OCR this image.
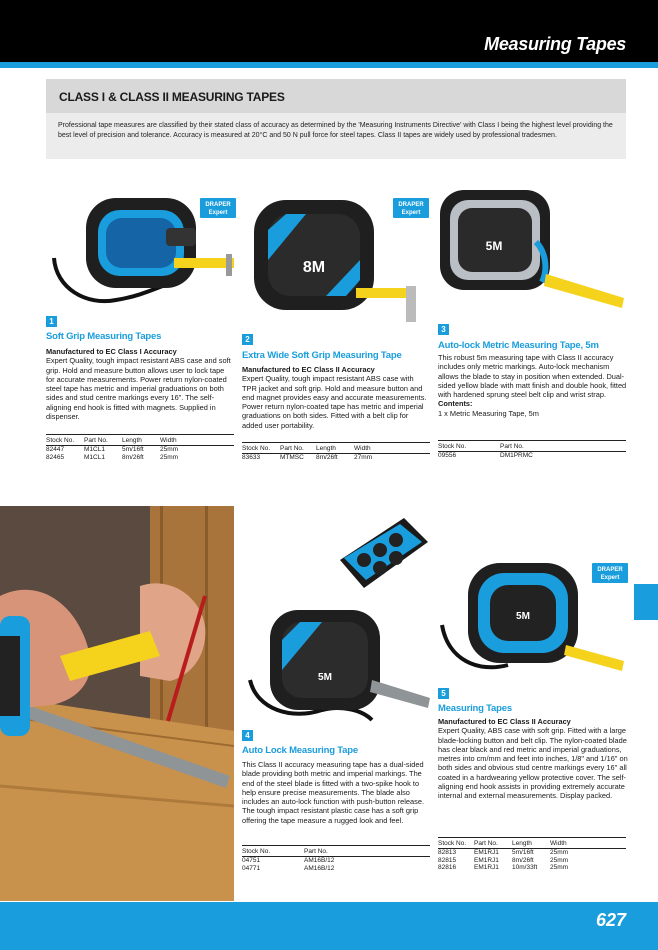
Measuring Tapes
CLASS I & CLASS II MEASURING TAPES
Professional tape measures are classified by their stated class of accuracy as determined by the 'Measuring Instruments Directive' with Class I being the highest level providing the best level of precision and tolerance. Accuracy is measured at 20°C and 50 N pull force for steel tapes. Class II tapes are widely used by professional tradesmen.
DRAPER
Expert
8M
DRAPER
Expert
5M
1
Soft Grip Measuring Tapes
Manufactured to EC Class I Accuracy
Expert Quality, tough impact resistant ABS case and soft grip. Hold and measure button allows user to lock tape for accurate measurements. Power return nylon-coated steel tape has metric and imperial graduations on both sides and stud centre markings every 16". The self-aligning end hook is fitted with magnets. Supplied in dispenser.
Stock No.	Part No.	Length	Width
82447	M1CL1	5m/16ft	25mm
82465	M1CL1	8m/26ft	25mm
2
Extra Wide Soft Grip Measuring Tape
Manufactured to EC Class II Accuracy
Expert Quality, tough impact resistant ABS case with TPR jacket and soft grip. Hold and measure button and end magnet provides easy and accurate measurements. Power return nylon-coated tape has metric and imperial graduations on both sides. Fitted with a belt clip for added user portability.
Stock No.	Part No.	Length	Width
83633	MTMSC	8m/26ft	27mm
3
Auto-lock Metric Measuring Tape, 5m
This robust 5m measuring tape with Class II accuracy includes only metric markings. Auto-lock mechanism allows the blade to stay in position when extended. Dual-sided yellow blade with matt finish and double hook, fitted with hardened sprung steel belt clip and wrist strap.
Contents:
1 x Metric Measuring Tape, 5m
Stock No.	Part No.
09556	DM1PRMC
5M
5M
DRAPER
Expert
4
Auto Lock Measuring Tape
This Class II accuracy measuring tape has a dual-sided blade providing both metric and imperial markings. The end of the steel blade is fitted with a two-spike hook to help ensure precise measurements. The blade also includes an auto-lock function with push-button release. The tough impact resistant plastic case has a soft grip offering the tape measure a rugged look and feel.
Stock No.	Part No.
04751	AM16B/12
04771	AM16B/12
5
Measuring Tapes
Manufactured to EC Class II Accuracy
Expert Quality, ABS case with soft grip. Fitted with a large blade-locking button and belt clip. The nylon-coated blade has clear black and red metric and imperial graduations, metres into cm/mm and feet into inches, 1/8" and 1/16" on both sides and obvious stud centre markings every 16" all coated in a hardwearing yellow protective cover. The self-aligning end hook assists in providing extremely accurate internal and external measurements. Display packed.
Stock No.	Part No.	Length	Width
82813	EM1RJ1	5m/16ft	25mm
82815	EM1RJ1	8m/26ft	25mm
82816	EM1RJ1	10m/33ft	25mm
627
